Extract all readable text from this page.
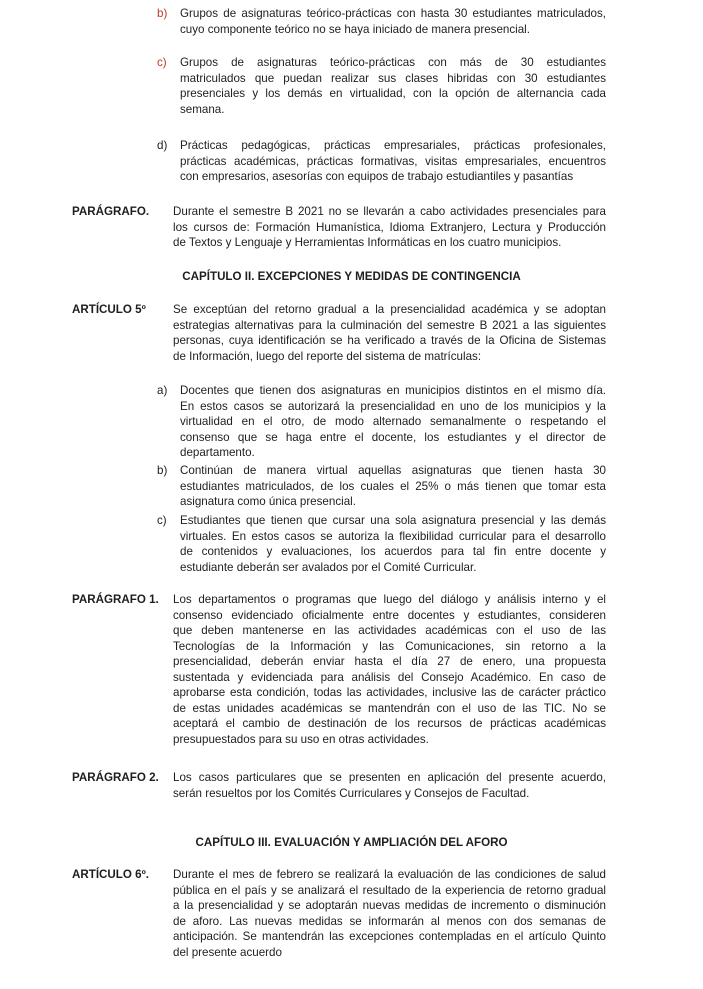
b) Grupos de asignaturas teórico-prácticas con hasta 30 estudiantes matriculados,
cuyo componente teórico no se haya iniciado de manera presencial.
c) Grupos de asignaturas teórico-prácticas con más de 30 estudiantes
matriculados que puedan realizar sus clases hibridas con 30 estudiantes
presenciales y los demás en virtualidad, con la opción de alternancia cada
semana.
d) Prácticas pedagógicas, prácticas empresariales, prácticas profesionales,
prácticas académicas, prácticas formativas, visitas empresariales, encuentros
con empresarios, asesorías con equipos de trabajo estudiantiles y pasantías
PARÁGRAFO. Durante el semestre B 2021 no se llevarán a cabo actividades presenciales para
los cursos de: Formación Humanística, Idioma Extranjero, Lectura y Producción
de Textos y Lenguaje y Herramientas Informáticas en los cuatro municipios.
CAPÍTULO II. EXCEPCIONES Y MEDIDAS DE CONTINGENCIA
ARTÍCULO 5º Se exceptúan del retorno gradual a la presencialidad académica y se adoptan
estrategias alternativas para la culminación del semestre B 2021 a las siguientes
personas, cuya identificación se ha verificado a través de la Oficina de Sistemas
de Información, luego del reporte del sistema de matrículas:
a) Docentes que tienen dos asignaturas en municipios distintos en el mismo día.
En estos casos se autorizará la presencialidad en uno de los municipios y la
virtualidad en el otro, de modo alternado semanalmente o respetando el
consenso que se haga entre el docente, los estudiantes y el director de
departamento.
b) Continúan de manera virtual aquellas asignaturas que tienen hasta 30
estudiantes matriculados, de los cuales el 25% o más tienen que tomar esta
asignatura como única presencial.
c) Estudiantes que tienen que cursar una sola asignatura presencial y las demás
virtuales. En estos casos se autoriza la flexibilidad curricular para el desarrollo
de contenidos y evaluaciones, los acuerdos para tal fin entre docente y
estudiante deberán ser avalados por el Comité Curricular.
PARÁGRAFO 1. Los departamentos o programas que luego del diálogo y análisis interno y el
consenso evidenciado oficialmente entre docentes y estudiantes, consideren
que deben mantenerse en las actividades académicas con el uso de las
Tecnologías de la Información y las Comunicaciones, sin retorno a la
presencialidad, deberán enviar hasta el día 27 de enero, una propuesta
sustentada y evidenciada para análisis del Consejo Académico. En caso de
aprobarse esta condición, todas las actividades, inclusive las de carácter práctico
de estas unidades académicas se mantendrán con el uso de las TIC. No se
aceptará el cambio de destinación de los recursos de prácticas académicas
presupuestados para su uso en otras actividades.
PARÁGRAFO 2. Los casos particulares que se presenten en aplicación del presente acuerdo,
serán resueltos por los Comités Curriculares y Consejos de Facultad.
CAPÍTULO III. EVALUACIÓN Y AMPLIACIÓN DEL AFORO
ARTÍCULO 6º. Durante el mes de febrero se realizará la evaluación de las condiciones de salud
pública en el país y se analizará el resultado de la experiencia de retorno gradual
a la presencialidad y se adoptarán nuevas medidas de incremento o disminución
de aforo. Las nuevas medidas se informarán al menos con dos semanas de
anticipación. Se mantendrán las excepciones contempladas en el artículo Quinto
del presente acuerdo
